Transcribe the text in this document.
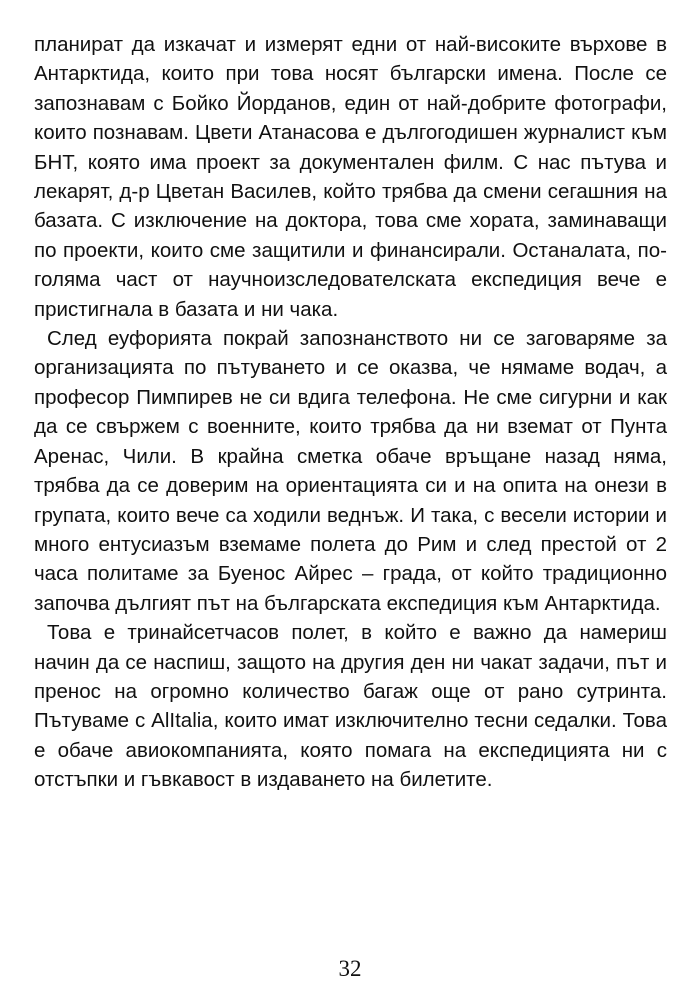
планират да изкачат и измерят едни от най-високите върхове в Антарктида, които при това носят български имена. После се запознавам с Бойко Йорданов, един от най-добрите фотографи, които познавам. Цвети Атанасова е дългогодишен журналист към БНТ, която има проект за документален филм. С нас пътува и лекарят, д-р Цветан Василев, който трябва да смени сегашния на базата. С изключение на доктора, това сме хората, заминаващи по проекти, които сме защитили и финансирали. Останалата, по-голяма част от научноизследователската експедиция вече е пристигнала в базата и ни чака.

След еуфорията покрай запознанството ни се заговаряме за организацията по пътуването и се оказва, че нямаме водач, а професор Пимпирев не си вдига телефона. Не сме сигурни и как да се свържем с военните, които трябва да ни вземат от Пунта Аренас, Чили. В крайна сметка обаче връщане назад няма, трябва да се доверим на ориентацията си и на опита на онези в групата, които вече са ходили веднъж. И така, с весели истории и много ентусиазъм вземаме полета до Рим и след престой от 2 часа политаме за Буенос Айрес – града, от който традиционно започва дългият път на българската експедиция към Антарктида.

Това е тринайсетчасов полет, в който е важно да намериш начин да се наспиш, защото на другия ден ни чакат задачи, път и пренос на огромно количество багаж още от рано сутринта. Пътуваме с AlItalia, които имат изключително тесни седалки. Това е обаче авиокомпанията, която помага на експедицията ни с отстъпки и гъвкавост в издаването на билетите.

32
